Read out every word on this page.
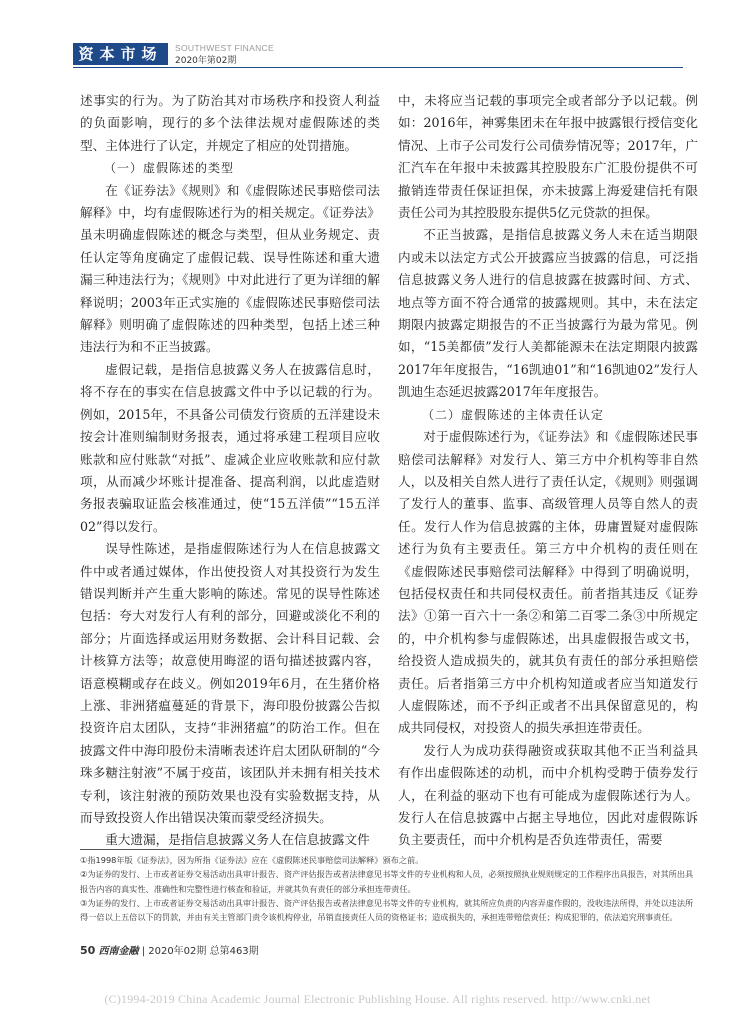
资本市场	SOUTHWEST FINANCE
2020年第02期

述事实的行为。为了防治其对市场秩序和投资人利益的负面影响，现行的多个法律法规对虚假陈述的类型、主体进行了认定，并规定了相应的处罚措施。

（一）虚假陈述的类型

在《证券法》《规则》和《虚假陈述民事赔偿司法解释》中，均有虚假陈述行为的相关规定。《证券法》虽未明确虚假陈述的概念与类型，但从业务规定、责任认定等角度确定了虚假记载、误导性陈述和重大遗漏三种违法行为；《规则》中对此进行了更为详细的解释说明；2003年正式实施的《虚假陈述民事赔偿司法解释》则明确了虚假陈述的四种类型，包括上述三种违法行为和不正当披露。

虚假记载，是指信息披露义务人在披露信息时，将不存在的事实在信息披露文件中予以记载的行为。例如，2015年，不具备公司债发行资质的五洋建设未按会计准则编制财务报表，通过将承建工程项目应收账款和应付账款“对抵”、虚减企业应收账款和应付款项，从而减少坏账计提准备、提高利润，以此虚造财务报表骗取证监会核准通过，使“15五洋债”“15五洋02”得以发行。

误导性陈述，是指虚假陈述行为人在信息披露文件中或者通过媒体，作出使投资人对其投资行为发生错误判断并产生重大影响的陈述。常见的误导性陈述包括：夸大对发行人有利的部分，回避或淡化不利的部分；片面选择或运用财务数据、会计科目记载、会计核算方法等；故意使用晦涩的语句描述披露内容，语意模糊或存在歧义。例如2019年6月，在生猪价格上涨、非洲猪瘟蔓延的背景下，海印股份披露公告拟投资许启太团队，支持“非洲猪瘟”的防治工作。但在披露文件中海印股份未清晰表述许启太团队研制的“今珠多糖注射液”不属于疫苗，该团队并未拥有相关技术专利，该注射液的预防效果也没有实验数据支持，从而导致投资人作出错误决策而蒙受经济损失。

重大遗漏，是指信息披露义务人在信息披露文件

中，未将应当记载的事项完全或者部分予以记载。例如：2016年，神雾集团未在年报中披露银行授信变化情况、上市子公司发行公司债券情况等；2017年，广汇汽车在年报中未披露其控股股东广汇股份提供不可撤销连带责任保证担保，亦未披露上海爱建信托有限责任公司为其控股股东提供5亿元贷款的担保。

不正当披露，是指信息披露义务人未在适当期限内或未以法定方式公开披露应当披露的信息，可泛指信息披露义务人进行的信息披露在披露时间、方式、地点等方面不符合通常的披露规则。其中，未在法定期限内披露定期报告的不正当披露行为最为常见。例如，“15美都债”发行人美都能源未在法定期限内披露2017年年度报告，“16凯迪01”和“16凯迪02”发行人凯迪生态延迟披露2017年年度报告。

（二）虚假陈述的主体责任认定

对于虚假陈述行为，《证券法》和《虚假陈述民事赔偿司法解释》对发行人、第三方中介机构等非自然人，以及相关自然人进行了责任认定，《规则》则强调了发行人的董事、监事、高级管理人员等自然人的责任。发行人作为信息披露的主体，毋庸置疑对虚假陈述行为负有主要责任。第三方中介机构的责任则在《虚假陈述民事赔偿司法解释》中得到了明确说明，包括侵权责任和共同侵权责任。前者指其违反《证券法》①第一百六十一条②和第二百零二条③中所规定的，中介机构参与虚假陈述，出具虚假报告或文书，给投资人造成损失的，就其负有责任的部分承担赔偿责任。后者指第三方中介机构知道或者应当知道发行人虚假陈述，而不予纠正或者不出具保留意见的，构成共同侵权，对投资人的损失承担连带责任。

发行人为成功获得融资或获取其他不正当利益具有作出虚假陈述的动机，而中介机构受聘于债券发行人，在利益的驱动下也有可能成为虚假陈述行为人。发行人在信息披露中占据主导地位，因此对虚假陈诉负主要责任，而中介机构是否负连带责任，需要

①指1998年版《证券法》，因为所指《证券法》应在《虚假陈述民事赔偿司法解释》颁布之前。

②为证券的发行、上市或者证券交易活动出具审计报告、资产评估报告或者法律意见书等文件的专业机构和人员，必须按照执业规则规定的工作程序出具报告，对其所出具报告内容的真实性、准确性和完整性进行核查和验证，并就其负有责任的部分承担连带责任。

③为证券的发行、上市或者证券交易活动出具审计报告、资产评估报告或者法律意见书等文件的专业机构，就其所应负责的内容弄虚作假的，没收违法所得，并处以违法所得一倍以上五倍以下的罚款，并由有关主管部门责令该机构停业，吊销直接责任人员的资格证书；造成损失的，承担连带赔偿责任；构成犯罪的，依法追究刑事责任。

50 西南金融 | 2020年02期 总第463期
(C)1994-2019 China Academic Journal Electronic Publishing House. All rights reserved. http://www.cnki.net
